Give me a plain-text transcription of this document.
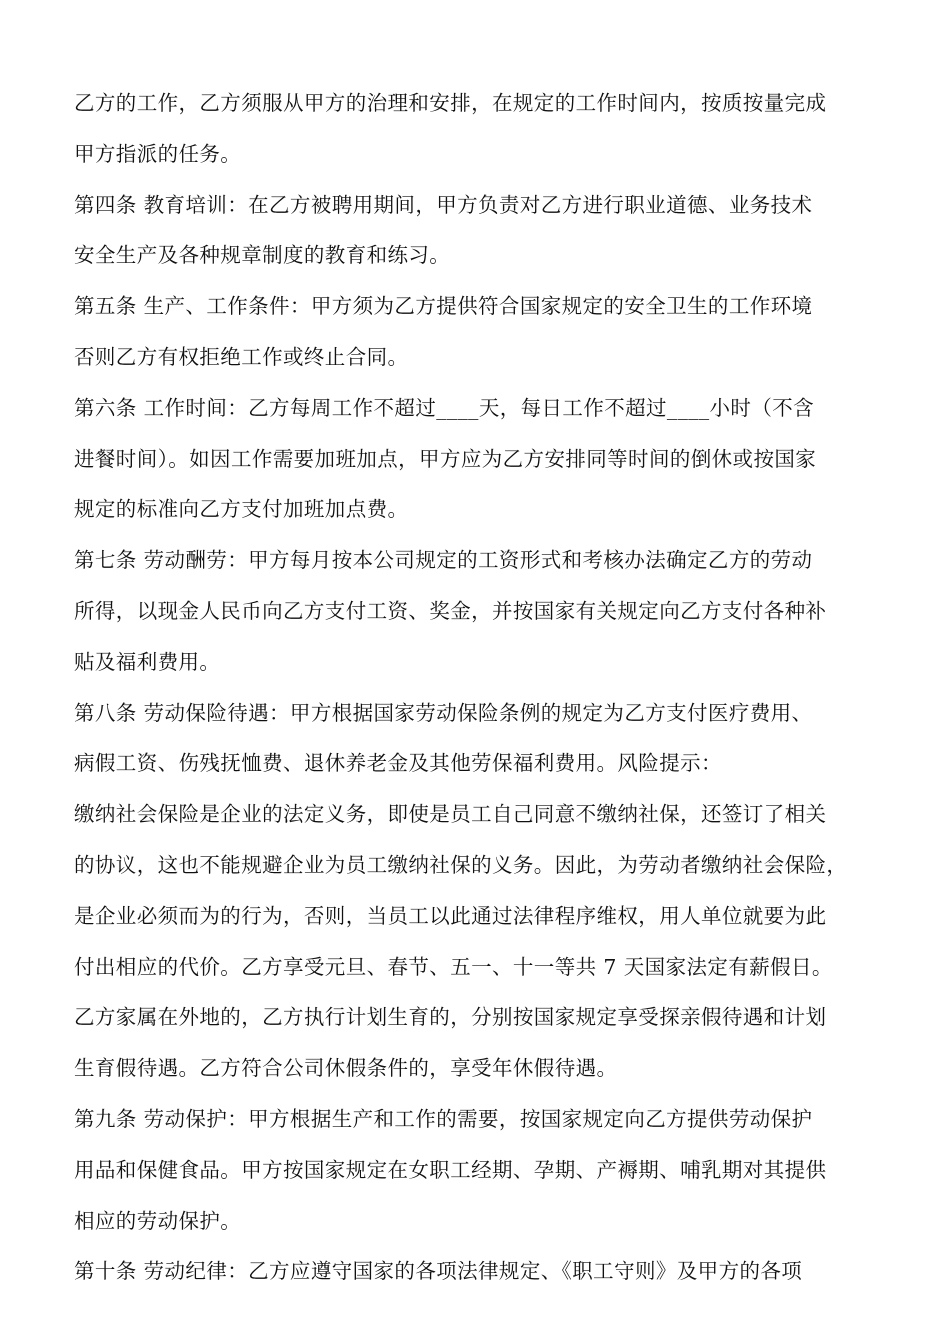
乙方的工作，乙方须服从甲方的治理和安排，在规定的工作时间内，按质按量完成
甲方指派的任务。
第四条 教育培训：在乙方被聘用期间，甲方负责对乙方进行职业道德、业务技术
安全生产及各种规章制度的教育和练习。
第五条 生产、工作条件：甲方须为乙方提供符合国家规定的安全卫生的工作环境
否则乙方有权拒绝工作或终止合同。
第六条 工作时间：乙方每周工作不超过____天，每日工作不超过____小时（不含
进餐时间）。如因工作需要加班加点，甲方应为乙方安排同等时间的倒休或按国家
规定的标准向乙方支付加班加点费。
第七条 劳动酬劳：甲方每月按本公司规定的工资形式和考核办法确定乙方的劳动
所得，以现金人民币向乙方支付工资、奖金，并按国家有关规定向乙方支付各种补
贴及福利费用。
第八条 劳动保险待遇：甲方根据国家劳动保险条例的规定为乙方支付医疗费用、
病假工资、伤残抚恤费、退休养老金及其他劳保福利费用。风险提示：
缴纳社会保险是企业的法定义务，即使是员工自己同意不缴纳社保，还签订了相关
的协议，这也不能规避企业为员工缴纳社保的义务。因此，为劳动者缴纳社会保险，
是企业必须而为的行为，否则，当员工以此通过法律程序维权，用人单位就要为此
付出相应的代价。乙方享受元旦、春节、五一、十一等共 7 天国家法定有薪假日。
乙方家属在外地的，乙方执行计划生育的，分别按国家规定享受探亲假待遇和计划
生育假待遇。乙方符合公司休假条件的，享受年休假待遇。
第九条 劳动保护：甲方根据生产和工作的需要，按国家规定向乙方提供劳动保护
用品和保健食品。甲方按国家规定在女职工经期、孕期、产褥期、哺乳期对其提供
相应的劳动保护。
第十条 劳动纪律：乙方应遵守国家的各项法律规定、《职工守则》及甲方的各项
